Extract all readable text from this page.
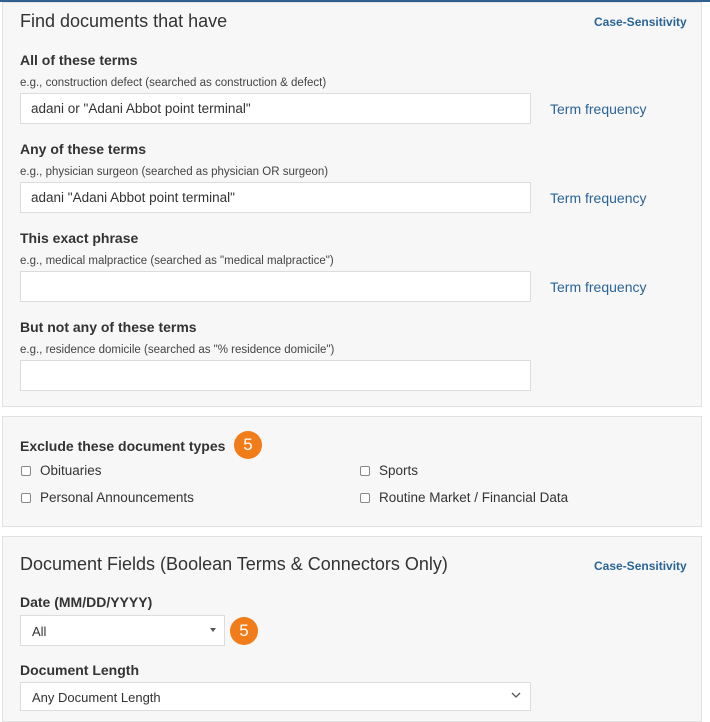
Find documents that have	Case-Sensitivity
All of these terms
e.g., construction defect (searched as construction & defect)
adani or "Adani Abbot point terminal"
Term frequency
Any of these terms
e.g., physician surgeon (searched as physician OR surgeon)
adani "Adani Abbot point terminal"
Term frequency
This exact phrase
e.g., medical malpractice (searched as "medical malpractice")
Term frequency
But not any of these terms
e.g., residence domicile (searched as "% residence domicile")
Exclude these document types	5
Obituaries	Sports
Personal Announcements	Routine Market / Financial Data
Document Fields (Boolean Terms & Connectors Only)	Case-Sensitivity
Date (MM/DD/YYYY)
All	5
Document Length
Any Document Length
